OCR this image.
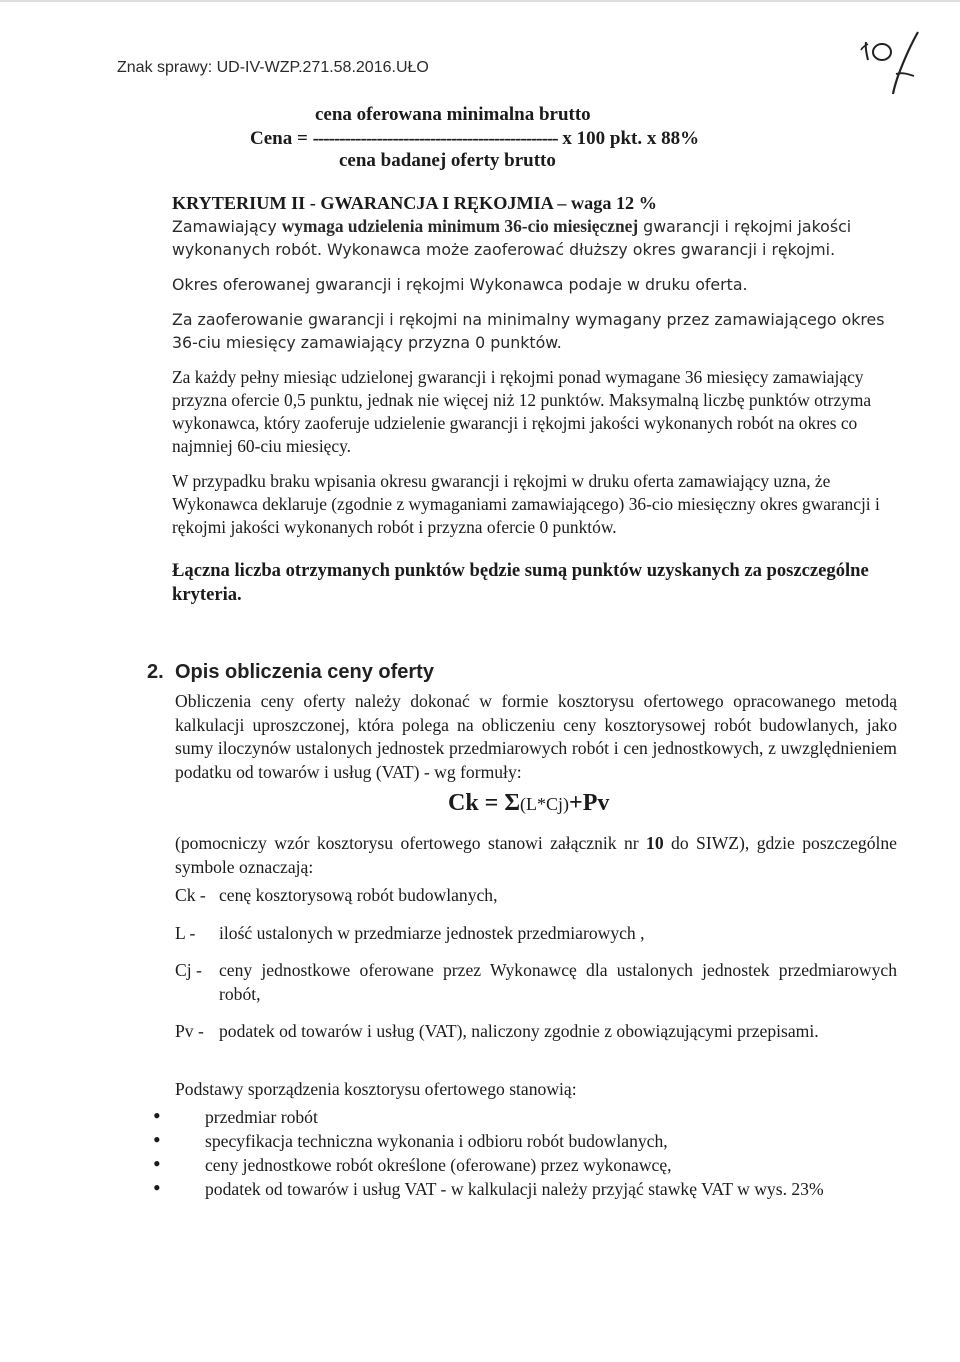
Znak sprawy: UD-IV-WZP.271.58.2016.UŁO
cena oferowana minimalna brutto
Cena = ---------------------------------------------- x 100 pkt. x 88%
cena badanej oferty brutto

KRYTERIUM II - GWARANCJA I RĘKOJMIA – waga 12 %

Zamawiający wymaga udzielenia minimum 36-cio miesięcznej gwarancji i rękojmi jakości wykonanych robót. Wykonawca może zaoferować dłuższy okres gwarancji i rękojmi.

Okres oferowanej gwarancji i rękojmi Wykonawca podaje w druku oferta.

Za zaoferowanie gwarancji i rękojmi na minimalny wymagany przez zamawiającego okres 36-ciu miesięcy zamawiający przyzna 0 punktów.

Za każdy pełny miesiąc udzielonej gwarancji i rękojmi ponad wymagane 36 miesięcy zamawiający przyzna ofercie 0,5 punktu, jednak nie więcej niż 12 punktów. Maksymalną liczbę punktów otrzyma wykonawca, który zaoferuje udzielenie gwarancji i rękojmi jakości wykonanych robót na okres co najmniej 60-ciu miesięcy.

W przypadku braku wpisania okresu gwarancji i rękojmi w druku oferta zamawiający uzna, że Wykonawca deklaruje (zgodnie z wymaganiami zamawiającego) 36-cio miesięczny okres gwarancji i rękojmi jakości wykonanych robót i przyzna ofercie 0 punktów.

Łączna liczba otrzymanych punktów będzie sumą punktów uzyskanych za poszczególne kryteria.

2. Opis obliczenia ceny oferty

Obliczenia ceny oferty należy dokonać w formie kosztorysu ofertowego opracowanego metodą kalkulacji uproszczonej, która polega na obliczeniu ceny kosztorysowej robót budowlanych, jako sumy iloczynów ustalonych jednostek przedmiarowych robót i cen jednostkowych, z uwzględnieniem podatku od towarów i usług (VAT) - wg formuły:

Ck = Σ(L*Cj)+Pv

(pomocniczy wzór kosztorysu ofertowego stanowi załącznik nr 10 do SIWZ), gdzie poszczególne symbole oznaczają:

Ck - cenę kosztorysową robót budowlanych,
L -	ilość ustalonych w przedmiarze jednostek przedmiarowych ,
Cj - ceny jednostkowe oferowane przez Wykonawcę dla ustalonych jednostek przedmiarowych robót,
Pv - podatek od towarów i usług (VAT), naliczony zgodnie z obowiązującymi przepisami.

Podstawy sporządzenia kosztorysu ofertowego stanowią:

•
przedmiar robót
•
specyfikacja techniczna wykonania i odbioru robót budowlanych,
•
ceny jednostkowe robót określone (oferowane) przez wykonawcę,
•
podatek od towarów i usług VAT - w kalkulacji należy przyjąć stawkę VAT w wys. 23%
